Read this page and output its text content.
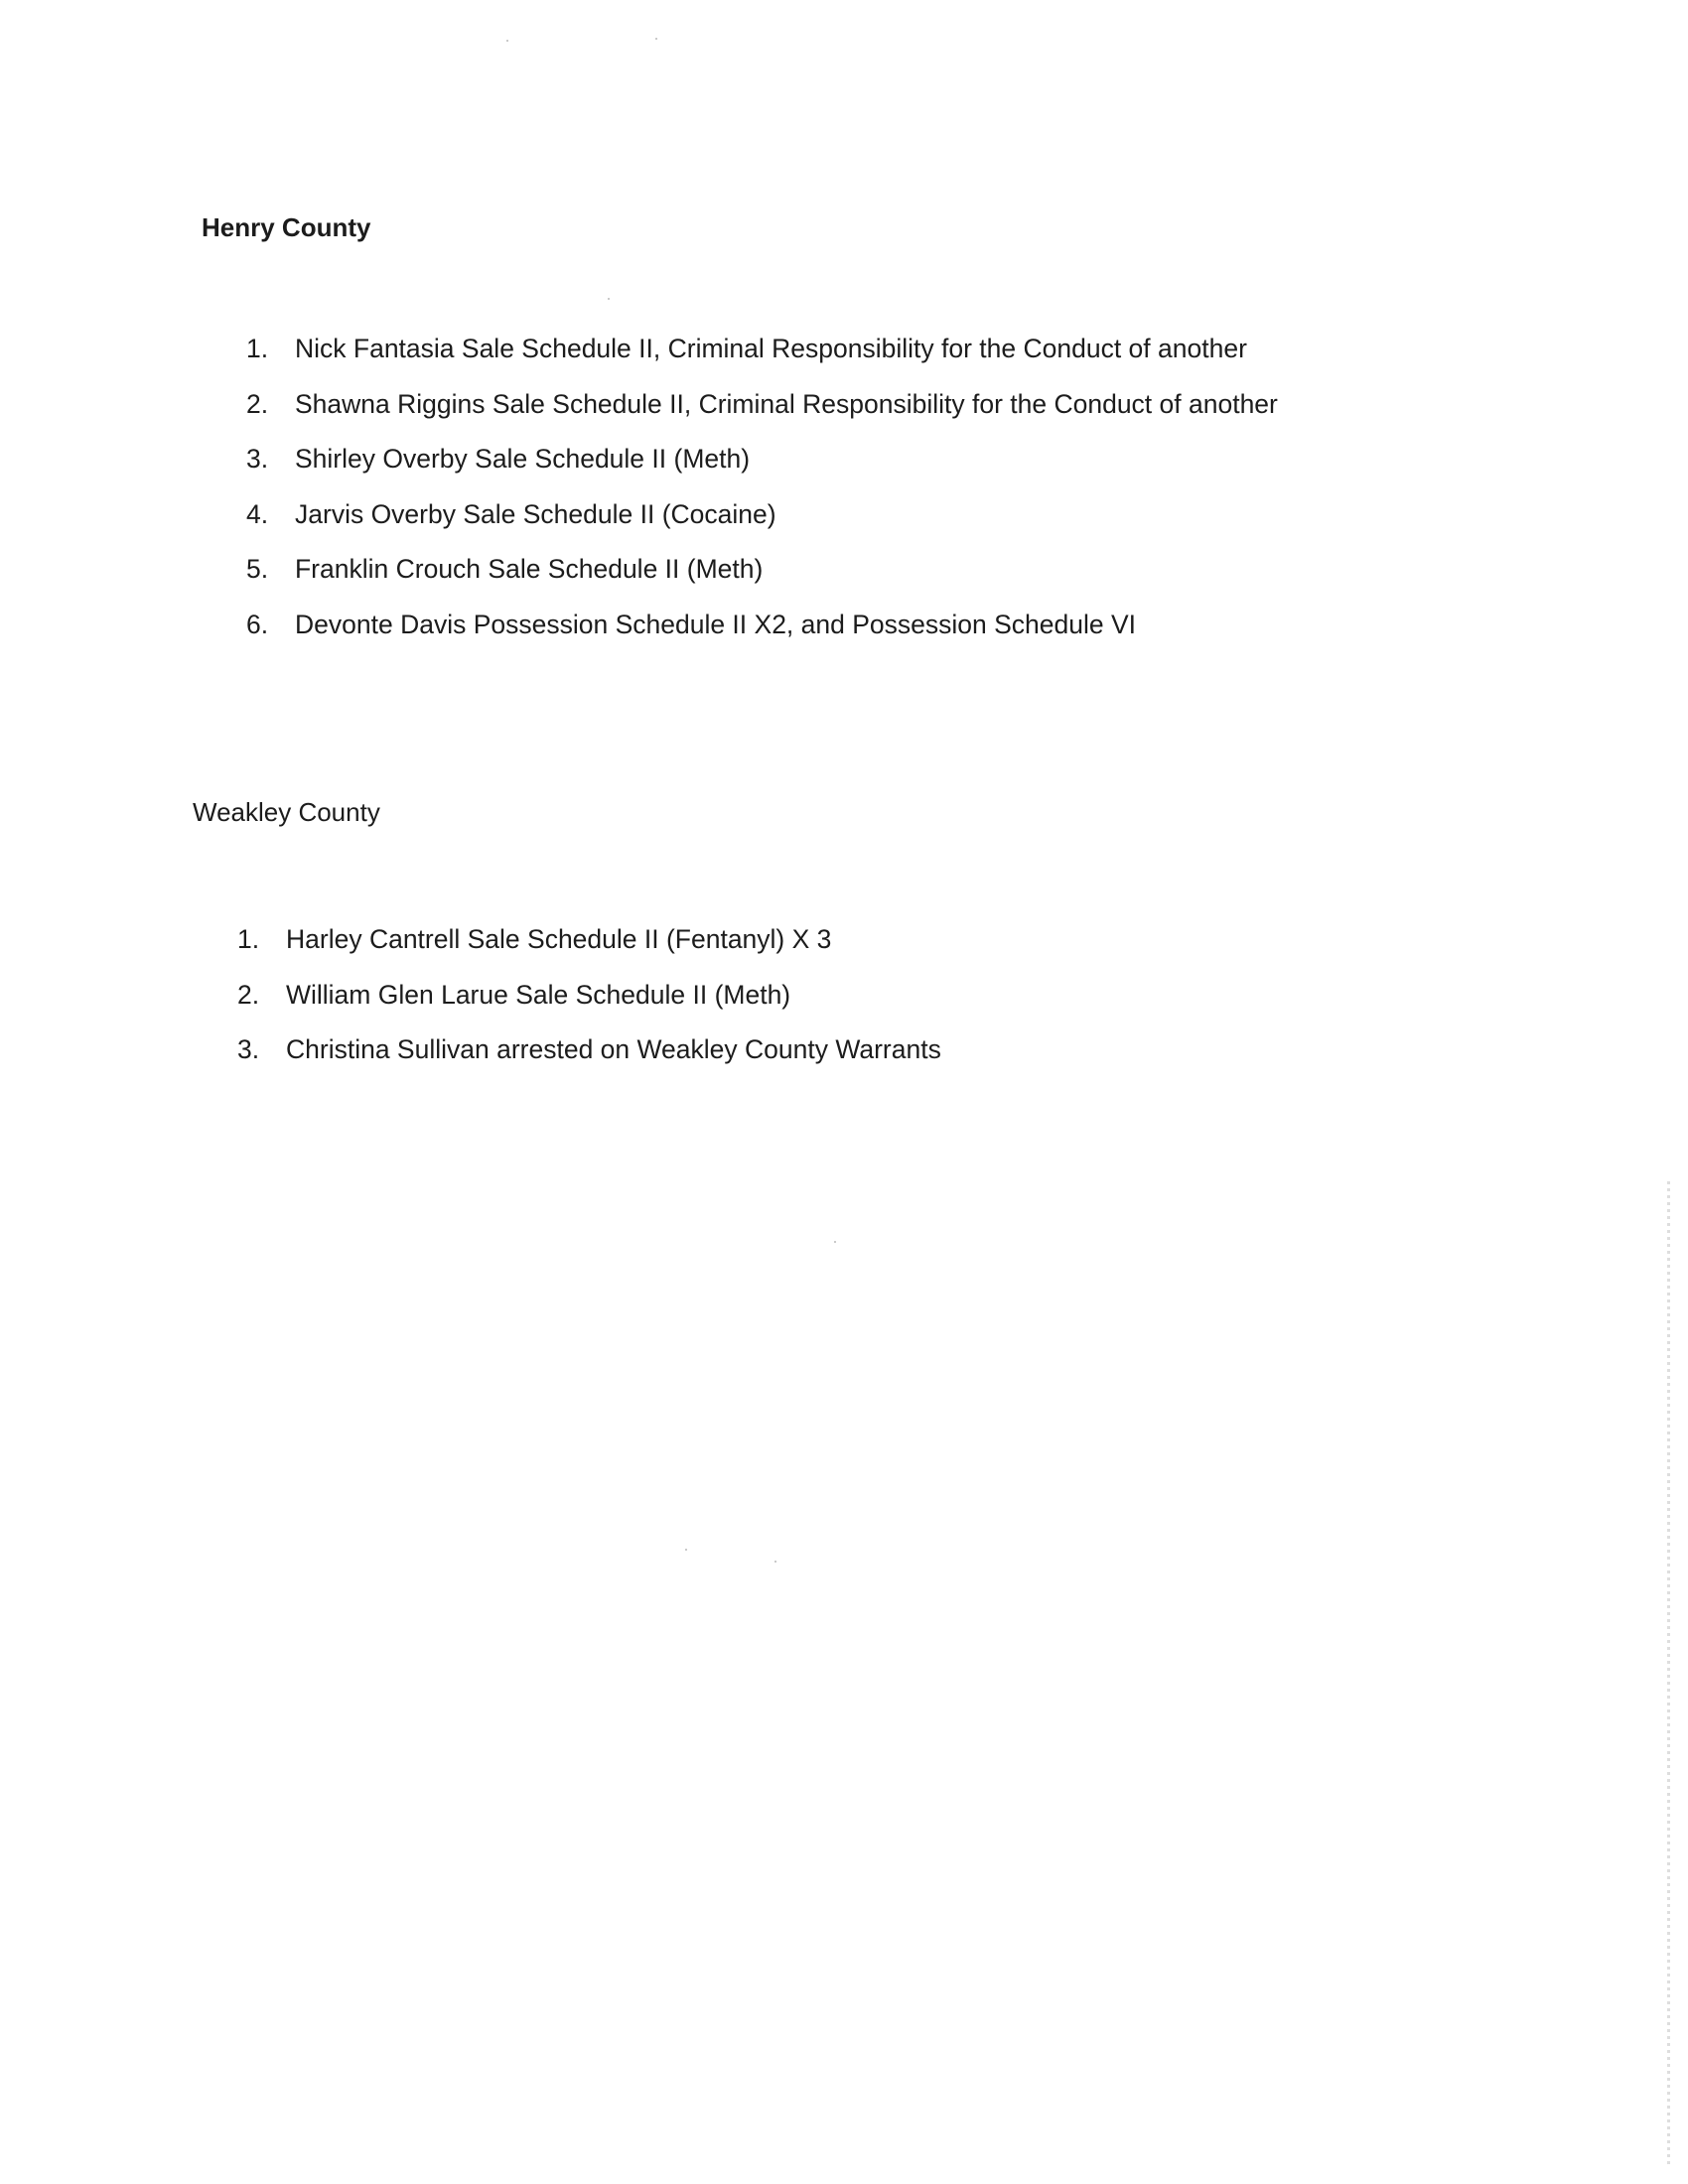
Henry County
1.	Nick Fantasia Sale Schedule II, Criminal Responsibility for the Conduct of another
2.	Shawna Riggins Sale Schedule II, Criminal Responsibility for the Conduct of another
3.	Shirley Overby Sale Schedule II (Meth)
4.	Jarvis Overby Sale Schedule II (Cocaine)
5.	Franklin Crouch Sale Schedule II (Meth)
6.	Devonte Davis Possession Schedule II X2, and Possession Schedule VI
Weakley County
1.	Harley Cantrell Sale Schedule II (Fentanyl) X 3
2.	William Glen Larue Sale Schedule II (Meth)
3.	Christina Sullivan arrested on Weakley County Warrants
